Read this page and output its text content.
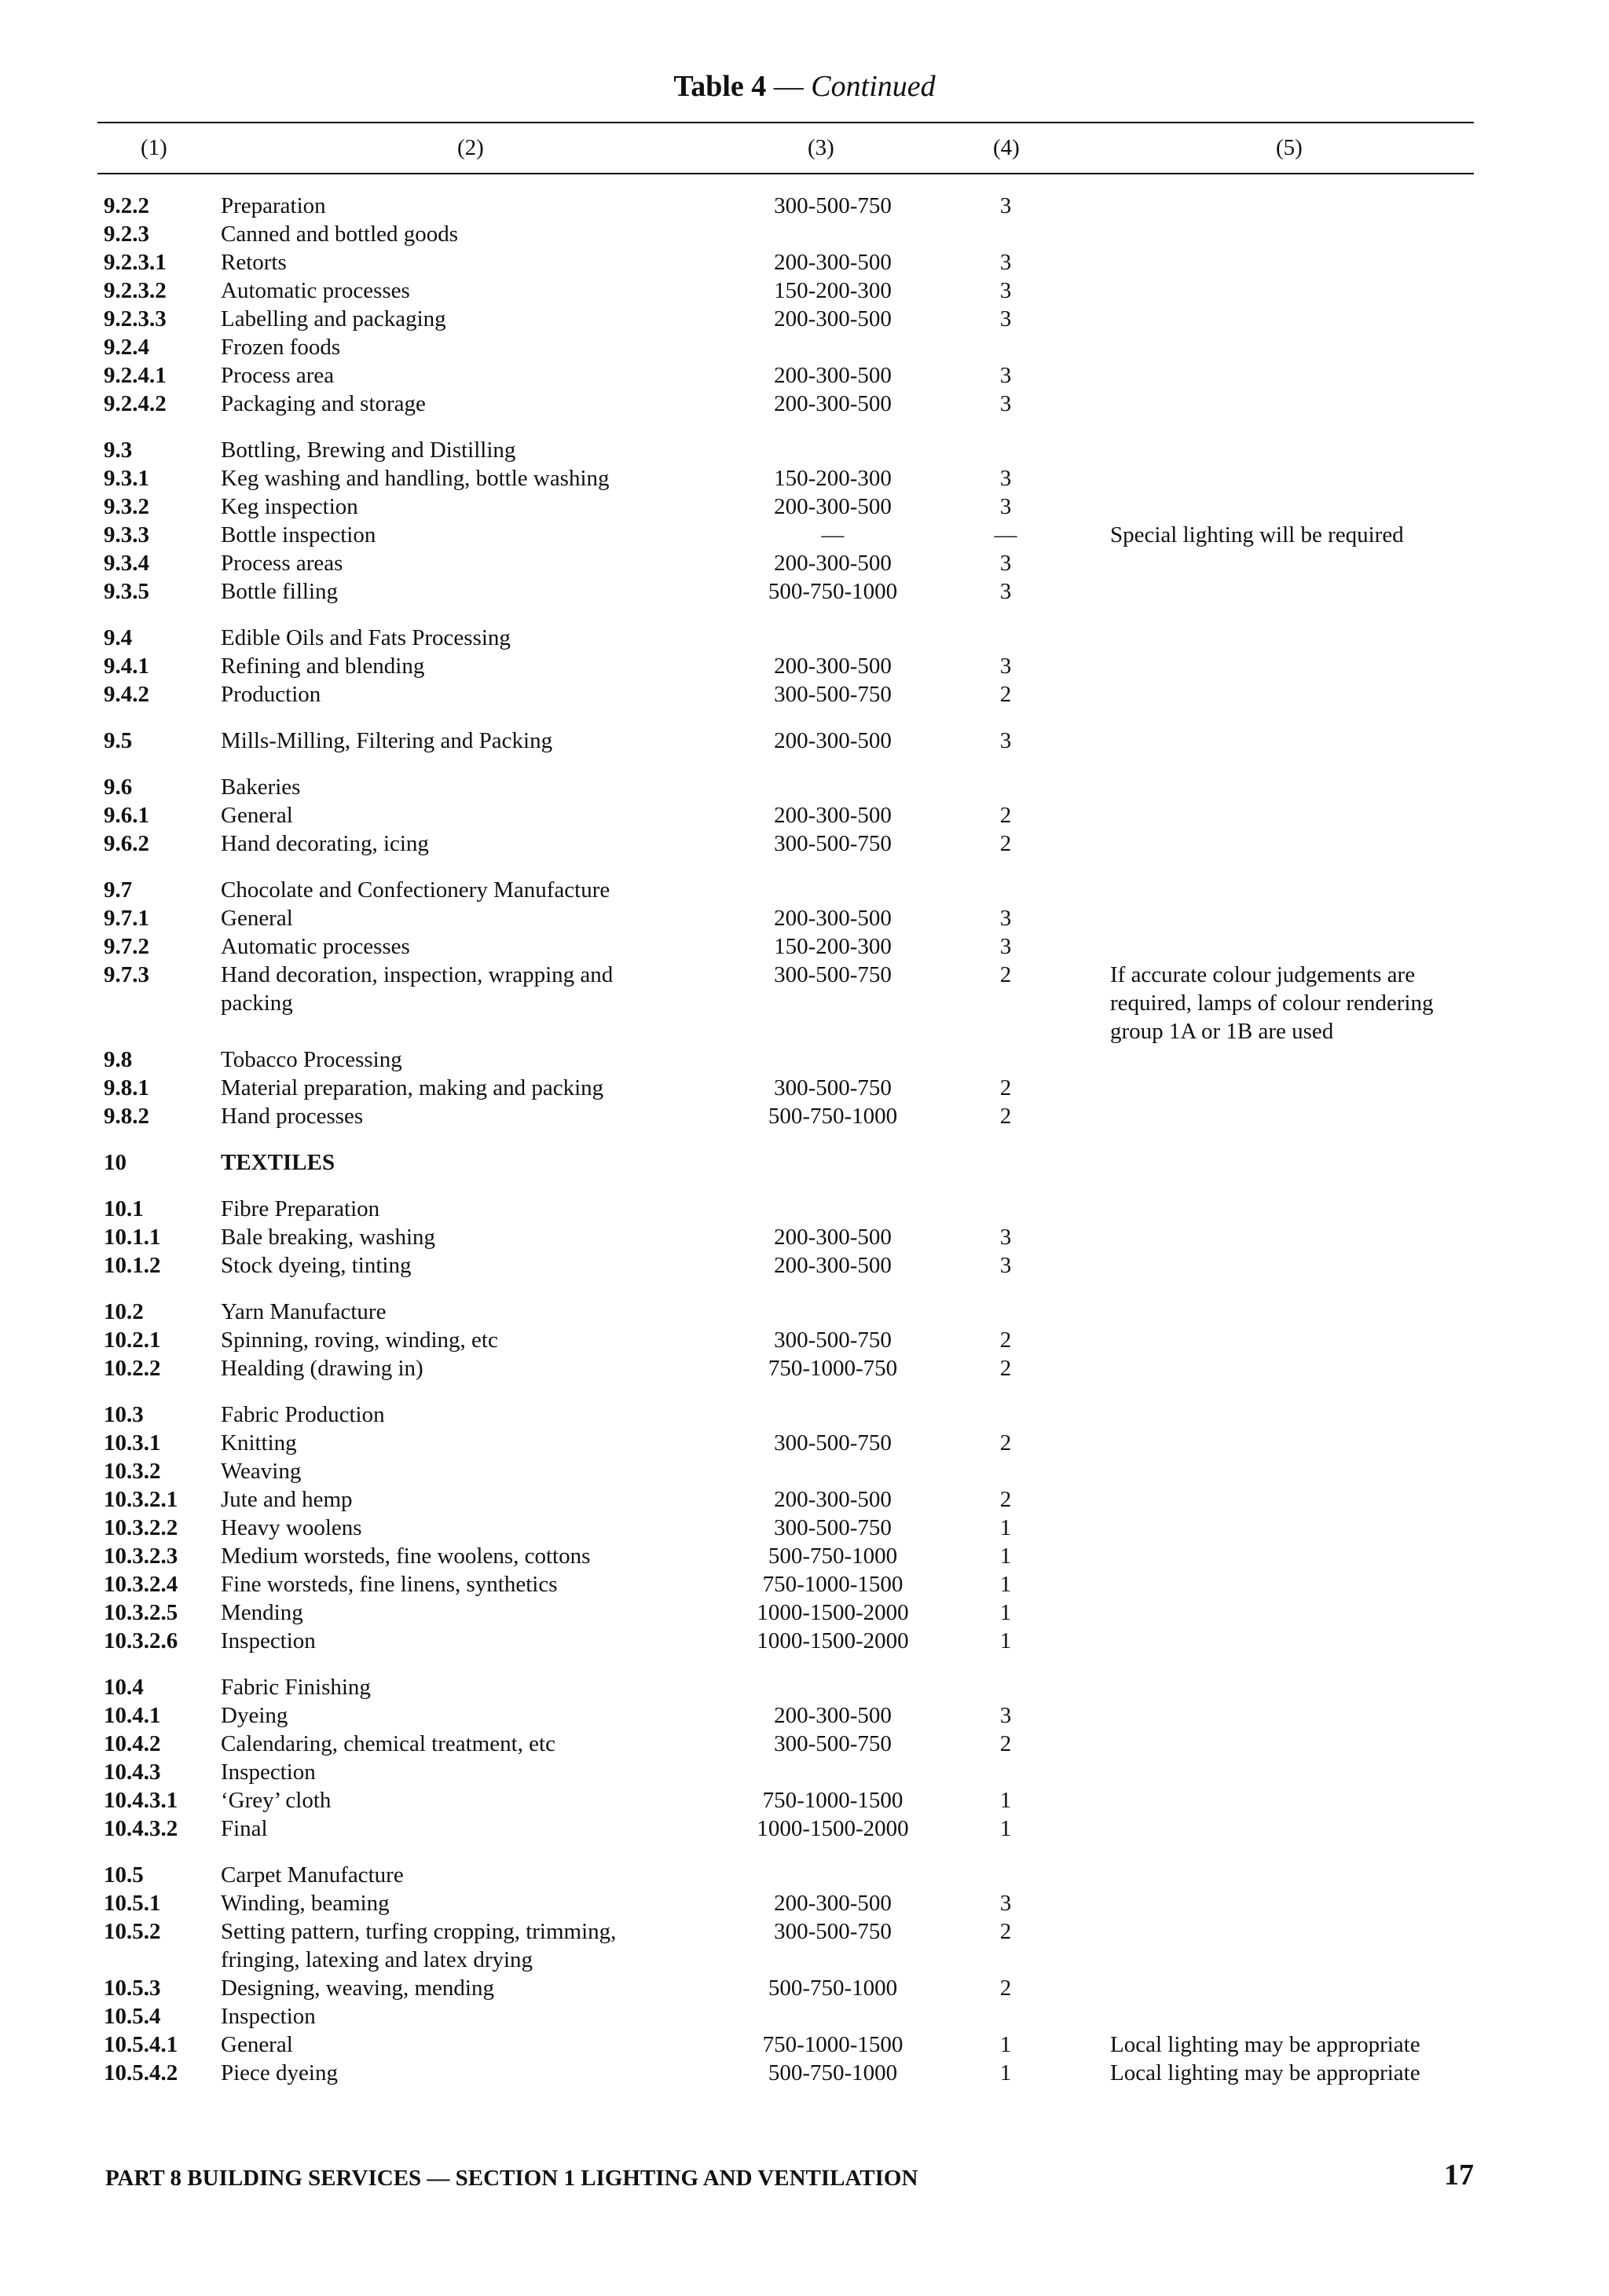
Table 4 — Continued
(1)	(2)	(3)	(4)	(5)
9.2.2	Preparation	300-500-750	3
9.2.3	Canned and bottled goods
9.2.3.1 Retorts	200-300-500	3
9.2.3.2 Automatic processes	150-200-300	3
9.2.3.3 Labelling and packaging	200-300-500	3
9.2.4	Frozen foods
9.2.4.1 Process area	200-300-500	3
9.2.4.2 Packaging and storage	200-300-500	3
9.3	Bottling, Brewing and Distilling
9.3.1	Keg washing and handling, bottle washing	150-200-300	3
9.3.2	Keg inspection	200-300-500	3
9.3.3	Bottle inspection	—	—	Special lighting will be required
9.3.4	Process areas	200-300-500	3
9.3.5	Bottle filling	500-750-1000	3
9.4	Edible Oils and Fats Processing
9.4.1	Refining and blending	200-300-500	3
9.4.2	Production	300-500-750	2
9.5	Mills-Milling, Filtering and Packing	200-300-500	3
9.6	Bakeries
9.6.1	General	200-300-500	2
9.6.2	Hand decorating, icing	300-500-750	2
9.7	Chocolate and Confectionery Manufacture
9.7.1	General	200-300-500	3
9.7.2	Automatic processes	150-200-300	3
9.7.3	Hand decoration, inspection, wrapping and	300-500-750	2	If accurate colour judgements are
packing	required, lamps of colour rendering
group 1A or 1B are used
9.8	Tobacco Processing
9.8.1	Material preparation, making and packing	300-500-750	2
9.8.2	Hand processes	500-750-1000	2
10	TEXTILES
10.1	Fibre Preparation
10.1.1	Bale breaking, washing	200-300-500	3
10.1.2	Stock dyeing, tinting	200-300-500	3
10.2	Yarn Manufacture
10.2.1	Spinning, roving, winding, etc	300-500-750	2
10.2.2	Healding (drawing in)	750-1000-750	2
10.3	Fabric Production
10.3.1	Knitting	300-500-750	2
10.3.2	Weaving
10.3.2.1 Jute and hemp	200-300-500	2
10.3.2.2 Heavy woolens	300-500-750	1
10.3.2.3 Medium worsteds, fine woolens, cottons	500-750-1000	1
10.3.2.4 Fine worsteds, fine linens, synthetics	750-1000-1500	1
10.3.2.5 Mending	1000-1500-2000	1
10.3.2.6 Inspection	1000-1500-2000	1
10.4	Fabric Finishing
10.4.1	Dyeing	200-300-500	3
10.4.2	Calendaring, chemical treatment, etc	300-500-750	2
10.4.3	Inspection
10.4.3.1 ‘Grey’ cloth	750-1000-1500	1
10.4.3.2 Final	1000-1500-2000	1
10.5	Carpet Manufacture
10.5.1	Winding, beaming	200-300-500	3
10.5.2	Setting pattern, turfing cropping, trimming,	300-500-750	2
fringing, latexing and latex drying
10.5.3	Designing, weaving, mending	500-750-1000	2
10.5.4	Inspection
10.5.4.1 General	750-1000-1500	1	Local lighting may be appropriate
10.5.4.2 Piece dyeing	500-750-1000	1	Local lighting may be appropriate
PART 8 BUILDING SERVICES — SECTION 1 LIGHTING AND VENTILATION	17
